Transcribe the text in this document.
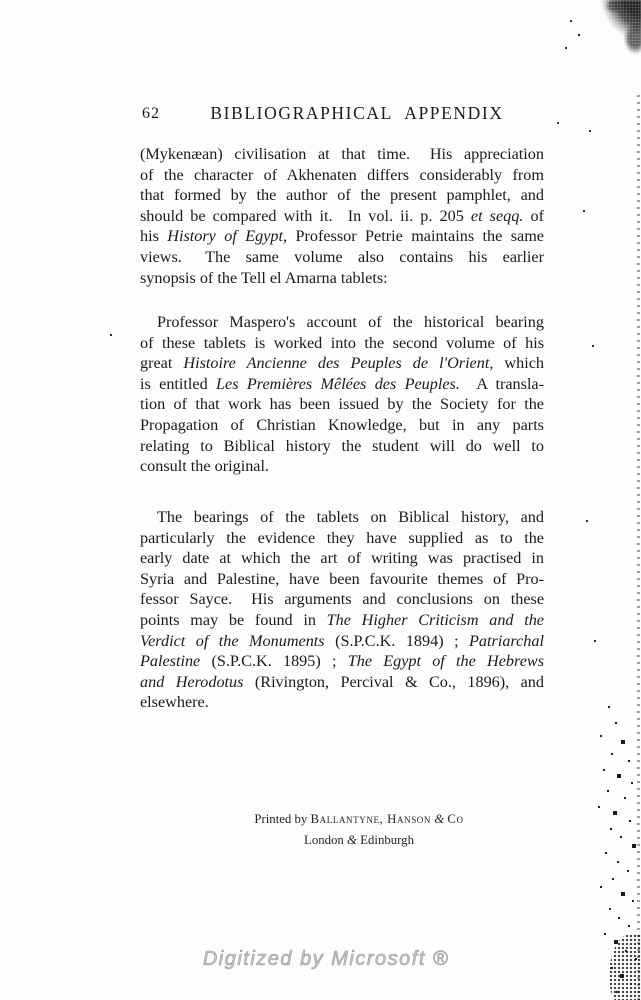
62	BIBLIOGRAPHICAL APPENDIX
(Mykenæan) civilisation at that time.  His appreciation
of the character of Akhenaten differs considerably from
that formed by the author of the present pamphlet, and
should be compared with it.  In vol. ii. p. 205 et seqq. of
his History of Egypt, Professor Petrie maintains the same
views.  The same volume also contains his earlier
synopsis of the Tell el Amarna tablets:
Professor Maspero's account of the historical bearing
of these tablets is worked into the second volume of his
great Histoire Ancienne des Peuples de l'Orient, which
is entitled Les Premières Mêlées des Peuples.  A transla-
tion of that work has been issued by the Society for the
Propagation of Christian Knowledge, but in any parts
relating to Biblical history the student will do well to
consult the original.
The bearings of the tablets on Biblical history, and
particularly the evidence they have supplied as to the
early date at which the art of writing was practised in
Syria and Palestine, have been favourite themes of Pro-
fessor Sayce.  His arguments and conclusions on these
points may be found in The Higher Criticism and the
Verdict of the Monuments (S.P.C.K. 1894) ; Patriarchal
Palestine (S.P.C.K. 1895) ; The Egypt of the Hebrews
and Herodotus (Rivington, Percival & Co., 1896), and
elsewhere.
Printed by Ballantyne, Hanson & Co
London & Edinburgh
Digitized by Microsoft ®
